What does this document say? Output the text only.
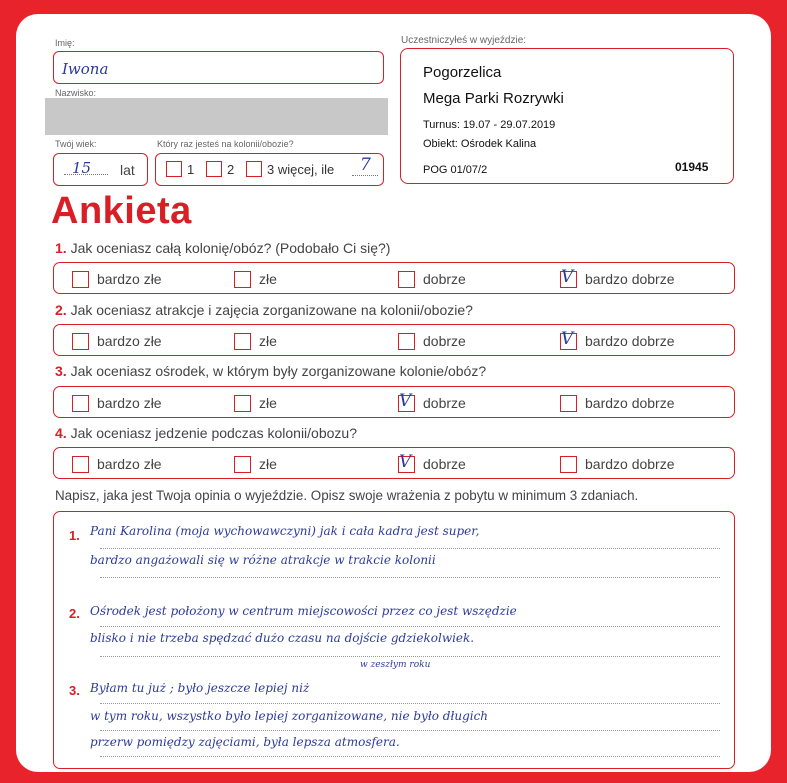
Imię:
Iwona
Nazwisko:
Twój wiek:
15 lat
Który raz jesteś na kolonii/obozie?
1	2	3 więcej, ile 7
Uczestniczyłeś w wyjeździe:
Pogorzelica
Mega Parki Rozrywki
Turnus: 19.07 - 29.07.2019
Obiekt: Ośrodek Kalina
POG 01/07/2	01945
Ankieta
1. Jak oceniasz całą kolonię/obóz? (Podobało Ci się?)
bardzo złe	złe	dobrze	V bardzo dobrze
2. Jak oceniasz atrakcje i zajęcia zorganizowane na kolonii/obozie?
bardzo złe	złe	dobrze	V bardzo dobrze
3. Jak oceniasz ośrodek, w którym były zorganizowane kolonie/obóz?
bardzo złe	złe	V dobrze	bardzo dobrze
4. Jak oceniasz jedzenie podczas kolonii/obozu?
bardzo złe	złe	V dobrze	bardzo dobrze
Napisz, jaka jest Twoja opinia o wyjeździe. Opisz swoje wrażenia z pobytu w minimum 3 zdaniach.
1. Pani Karolina (moja wychowawczyni) jak i cała kadra jest super,
bardzo angażowali się w różne atrakcje w trakcie kolonii
2. Ośrodek jest położony w centrum miejscowości przez co jest wszędzie
blisko i nie trzeba spędzać dużo czasu na dojście gdziekolwiek.
w zeszłym roku
3. Byłam tu już ; było jeszcze lepiej niż
w tym roku, wszystko było lepiej zorganizowane, nie było długich
przerw pomiędzy zajęciami, była lepsza atmosfera.
